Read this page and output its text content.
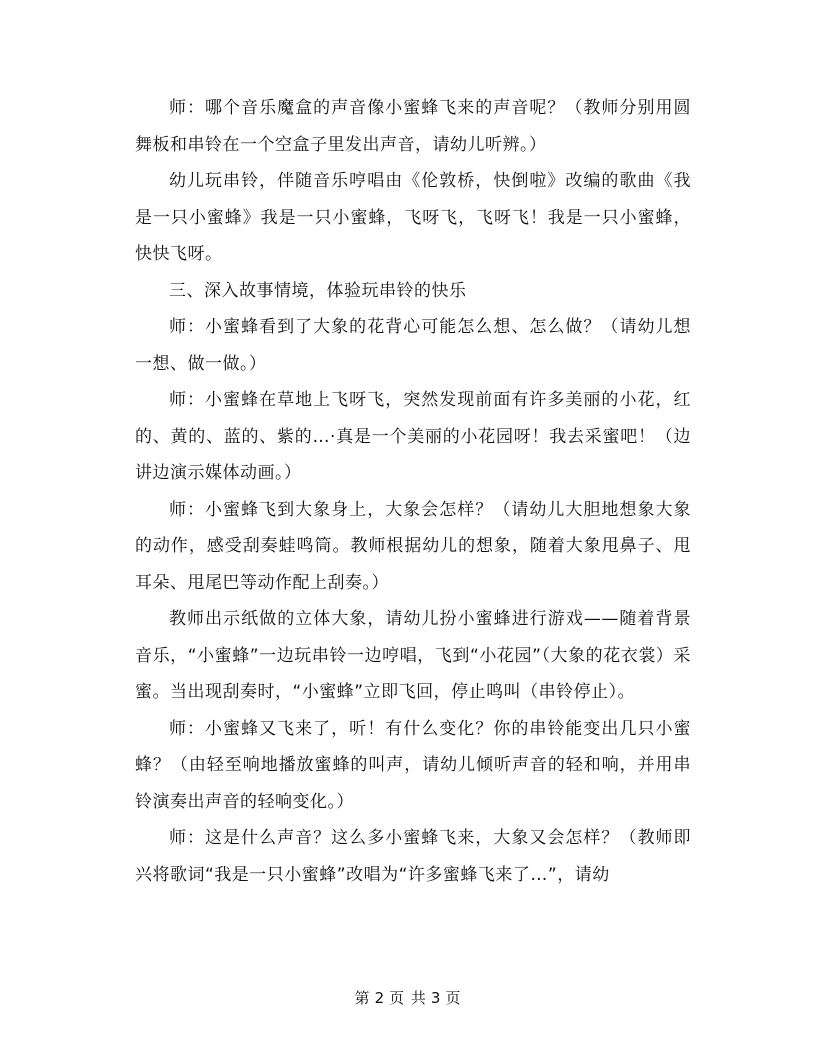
师：哪个音乐魔盒的声音像小蜜蜂飞来的声音呢？（教师分别用圆舞板和串铃在一个空盒子里发出声音，请幼儿听辨。）

幼儿玩串铃，伴随音乐哼唱由《伦敦桥，快倒啦》改编的歌曲《我是一只小蜜蜂》我是一只小蜜蜂，飞呀飞，飞呀飞！我是一只小蜜蜂，快快飞呀。

三、深入故事情境，体验玩串铃的快乐

师：小蜜蜂看到了大象的花背心可能怎么想、怎么做？（请幼儿想一想、做一做。）

师：小蜜蜂在草地上飞呀飞，突然发现前面有许多美丽的小花，红的、黄的、蓝的、紫的…·真是一个美丽的小花园呀！我去采蜜吧！（边讲边演示媒体动画。）

师：小蜜蜂飞到大象身上，大象会怎样？（请幼儿大胆地想象大象的动作，感受刮奏蛙鸣筒。教师根据幼儿的想象，随着大象甩鼻子、甩耳朵、甩尾巴等动作配上刮奏。）

教师出示纸做的立体大象，请幼儿扮小蜜蜂进行游戏——随着背景音乐，“小蜜蜂”一边玩串铃一边哼唱，飞到“小花园”（大象的花衣裳）采蜜。当出现刮奏时，“小蜜蜂”立即飞回，停止鸣叫（串铃停止）。

师：小蜜蜂又飞来了，听！有什么变化？你的串铃能变出几只小蜜蜂？（由轻至响地播放蜜蜂的叫声，请幼儿倾听声音的轻和响，并用串铃演奏出声音的轻响变化。）

师：这是什么声音？这么多小蜜蜂飞来，大象又会怎样？（教师即兴将歌词“我是一只小蜜蜂”改唱为“许多蜜蜂飞来了…”，请幼

第 2 页 共 3 页
